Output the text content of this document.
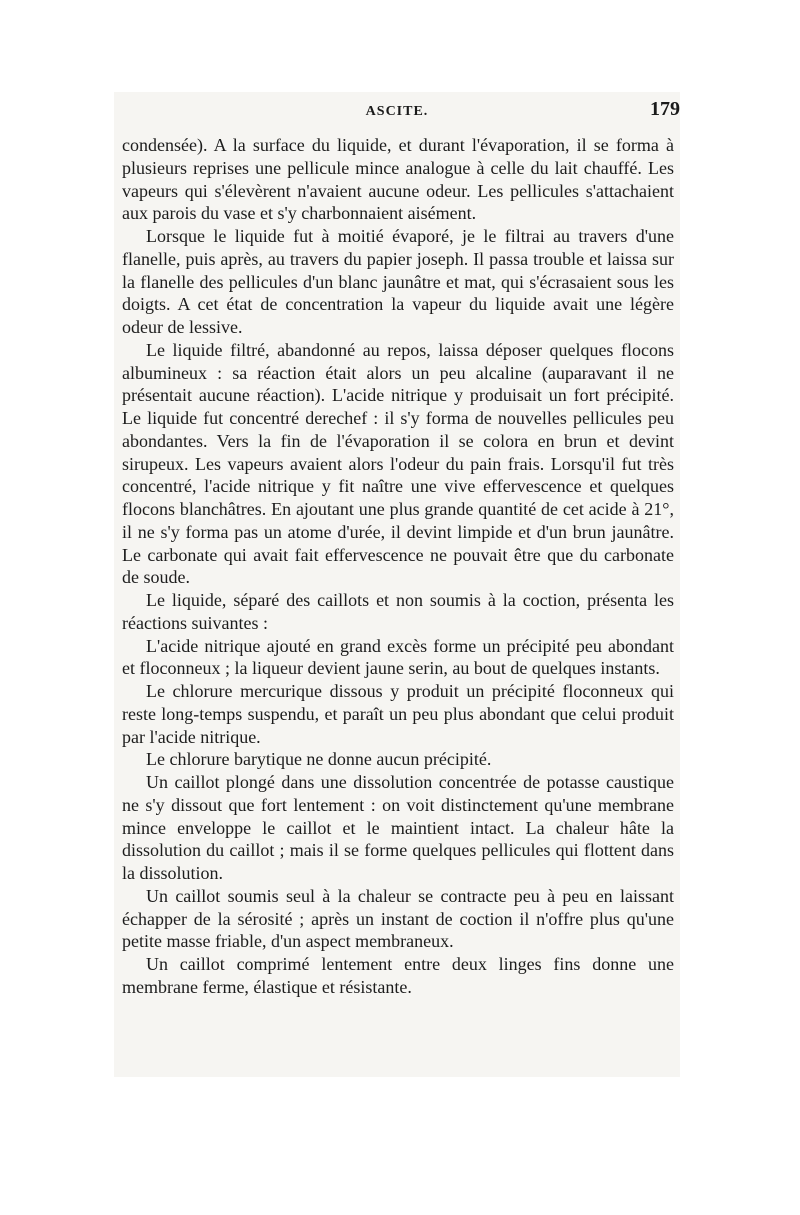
ASCITE.	179

condensée). A la surface du liquide, et durant l'évaporation, il se forma à plusieurs reprises une pellicule mince analogue à celle du lait chauffé. Les vapeurs qui s'élevèrent n'avaient aucune odeur. Les pellicules s'attachaient aux parois du vase et s'y charbonnaient aisément.

Lorsque le liquide fut à moitié évaporé, je le filtrai au travers d'une flanelle, puis après, au travers du papier joseph. Il passa trouble et laissa sur la flanelle des pellicules d'un blanc jaunâtre et mat, qui s'écrasaient sous les doigts. A cet état de concentration la vapeur du liquide avait une légère odeur de lessive.

Le liquide filtré, abandonné au repos, laissa déposer quelques flocons albumineux : sa réaction était alors un peu alcaline (auparavant il ne présentait aucune réaction). L'acide nitrique y produisait un fort précipité. Le liquide fut concentré derechef : il s'y forma de nouvelles pellicules peu abondantes. Vers la fin de l'évaporation il se colora en brun et devint sirupeux. Les vapeurs avaient alors l'odeur du pain frais. Lorsqu'il fut très concentré, l'acide nitrique y fit naître une vive effervescence et quelques flocons blanchâtres. En ajoutant une plus grande quantité de cet acide à 21°, il ne s'y forma pas un atome d'urée, il devint limpide et d'un brun jaunâtre. Le carbonate qui avait fait effervescence ne pouvait être que du carbonate de soude.

Le liquide, séparé des caillots et non soumis à la coction, présenta les réactions suivantes :

L'acide nitrique ajouté en grand excès forme un précipité peu abondant et floconneux ; la liqueur devient jaune serin, au bout de quelques instants.

Le chlorure mercurique dissous y produit un précipité floconneux qui reste long-temps suspendu, et paraît un peu plus abondant que celui produit par l'acide nitrique.

Le chlorure barytique ne donne aucun précipité.

Un caillot plongé dans une dissolution concentrée de potasse caustique ne s'y dissout que fort lentement : on voit distinctement qu'une membrane mince enveloppe le caillot et le maintient intact. La chaleur hâte la dissolution du caillot ; mais il se forme quelques pellicules qui flottent dans la dissolution.

Un caillot soumis seul à la chaleur se contracte peu à peu en laissant échapper de la sérosité ; après un instant de coction il n'offre plus qu'une petite masse friable, d'un aspect membraneux.

Un caillot comprimé lentement entre deux linges fins donne une membrane ferme, élastique et résistante.
